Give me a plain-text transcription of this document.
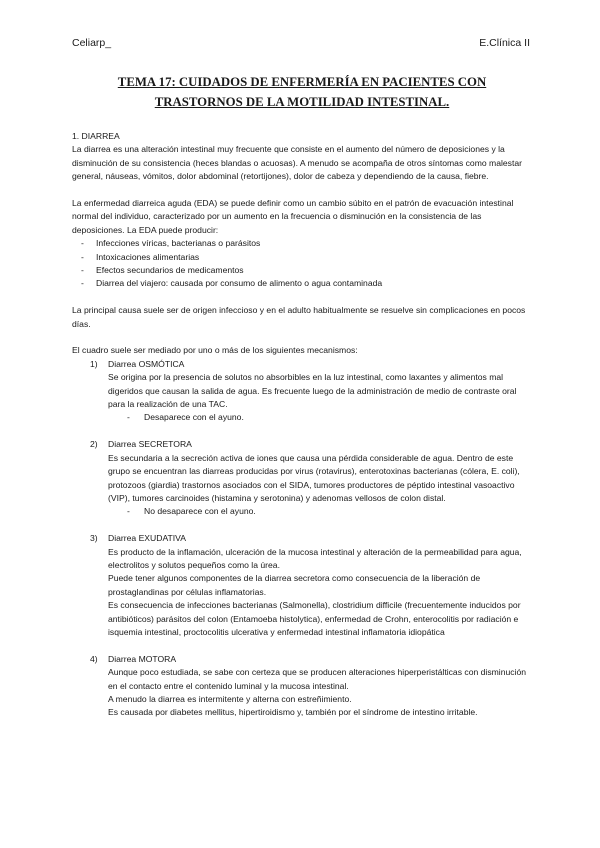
Celiarp_	E.Clínica II
TEMA 17: CUIDADOS DE ENFERMERÍA EN PACIENTES CON
TRASTORNOS DE LA MOTILIDAD INTESTINAL.

1. DIARREA

La diarrea es una alteración intestinal muy frecuente que consiste en el aumento del número de deposiciones y la disminución de su consistencia (heces blandas o acuosas). A menudo se acompaña de otros síntomas como malestar general, náuseas, vómitos, dolor abdominal (retortijones), dolor de cabeza y dependiendo de la causa, fiebre.

La enfermedad diarreica aguda (EDA) se puede definir como un cambio súbito en el patrón de evacuación intestinal normal del individuo, caracterizado por un aumento en la frecuencia o disminución en la consistencia de las deposiciones. La EDA puede producir:

- Infecciones víricas, bacterianas o parásitos
- Intoxicaciones alimentarias
- Efectos secundarios de medicamentos
- Diarrea del viajero: causada por consumo de alimento o agua contaminada

La principal causa suele ser de origen infeccioso y en el adulto habitualmente se resuelve sin complicaciones en pocos días.

El cuadro suele ser mediado por uno o más de los siguientes mecanismos:

1) Diarrea OSMÓTICA

Se origina por la presencia de solutos no absorbibles en la luz intestinal, como laxantes y alimentos mal digeridos que causan la salida de agua. Es frecuente luego de la administración de medio de contraste oral para la realización de una TAC.

- Desaparece con el ayuno.

2) Diarrea SECRETORA

Es secundaria a la secreción activa de iones que causa una pérdida considerable de agua. Dentro de este grupo se encuentran las diarreas producidas por virus (rotavirus), enterotoxinas bacterianas (cólera, E. coli), protozoos (giardia) trastornos asociados con el SIDA, tumores productores de péptido intestinal vasoactivo (VIP), tumores carcinoides (histamina y serotonina) y adenomas vellosos de colon distal.

- No desaparece con el ayuno.

3) Diarrea EXUDATIVA

Es producto de la inflamación, ulceración de la mucosa intestinal y alteración de la permeabilidad para agua, electrolitos y solutos pequeños como la úrea.

Puede tener algunos componentes de la diarrea secretora como consecuencia de la liberación de prostaglandinas por células inflamatorias.

Es consecuencia de infecciones bacterianas (Salmonella), clostridium difficile (frecuentemente inducidos por antibióticos) parásitos del colon (Entamoeba histolytica), enfermedad de Crohn, enterocolitis por radiación e isquemia intestinal, proctocolitis ulcerativa y enfermedad intestinal inflamatoria idiopática

4) Diarrea MOTORA

Aunque poco estudiada, se sabe con certeza que se producen alteraciones hiperperistálticas con disminución en el contacto entre el contenido luminal y la mucosa intestinal.

A menudo la diarrea es intermitente y alterna con estreñimiento.

Es causada por diabetes mellitus, hipertiroidismo y, también por el síndrome de intestino irritable.
